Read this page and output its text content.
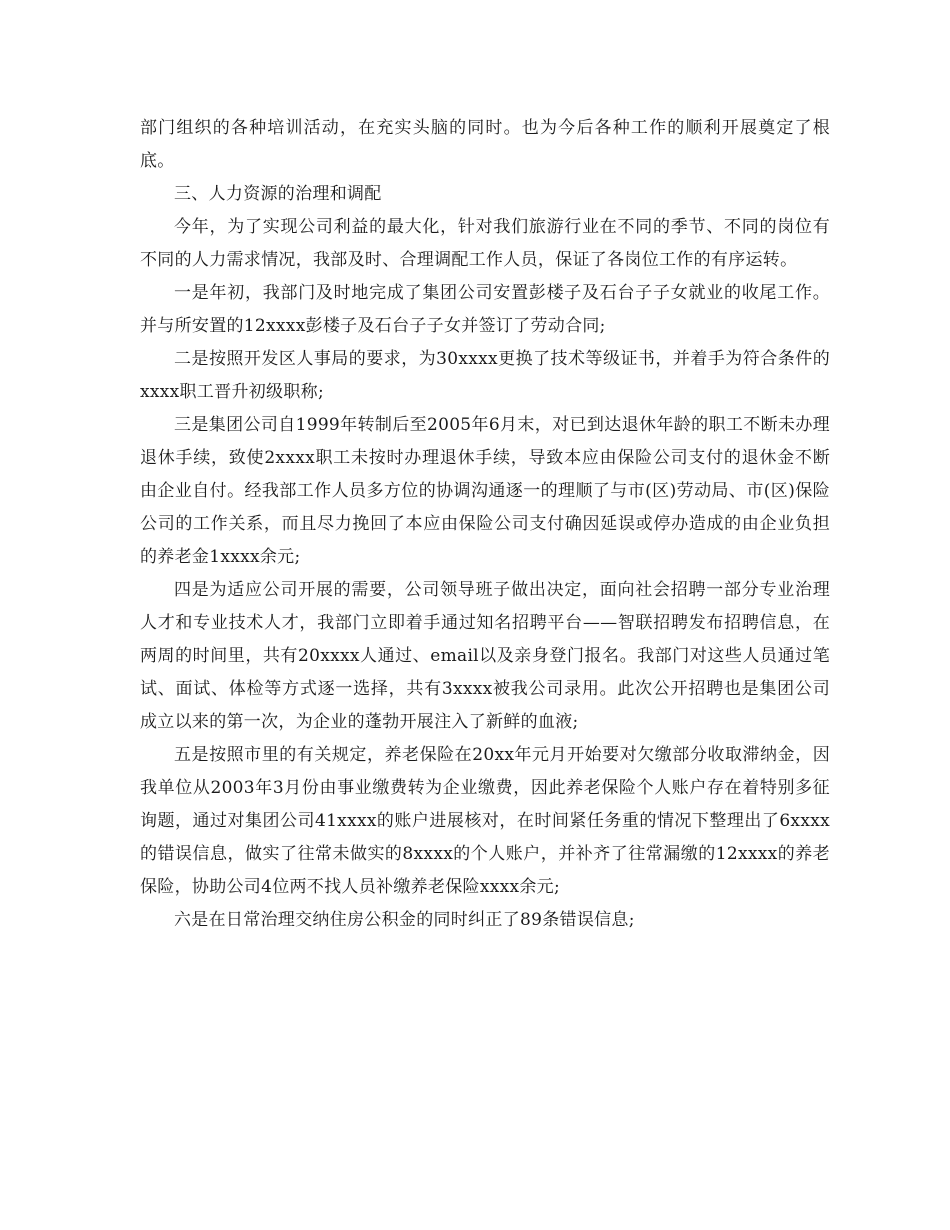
部门组织的各种培训活动，在充实头脑的同时。也为今后各种工作的顺利开展奠定了根底。

三、人力资源的治理和调配

今年，为了实现公司利益的最大化，针对我们旅游行业在不同的季节、不同的岗位有不同的人力需求情况，我部及时、合理调配工作人员，保证了各岗位工作的有序运转。

一是年初，我部门及时地完成了集团公司安置彭楼子及石台子子女就业的收尾工作。并与所安置的12xxxx彭楼子及石台子子女并签订了劳动合同;

二是按照开发区人事局的要求，为30xxxx更换了技术等级证书，并着手为符合条件的xxxx职工晋升初级职称;

三是集团公司自1999年转制后至2005年6月末，对已到达退休年龄的职工不断未办理退休手续，致使2xxxx职工未按时办理退休手续，导致本应由保险公司支付的退休金不断由企业自付。经我部工作人员多方位的协调沟通逐一的理顺了与市(区)劳动局、市(区)保险公司的工作关系，而且尽力挽回了本应由保险公司支付确因延误或停办造成的由企业负担的养老金1xxxx余元;

四是为适应公司开展的需要，公司领导班子做出决定，面向社会招聘一部分专业治理人才和专业技术人才，我部门立即着手通过知名招聘平台——智联招聘发布招聘信息，在两周的时间里，共有20xxxx人通过、email以及亲身登门报名。我部门对这些人员通过笔试、面试、体检等方式逐一选择，共有3xxxx被我公司录用。此次公开招聘也是集团公司成立以来的第一次，为企业的蓬勃开展注入了新鲜的血液;

五是按照市里的有关规定，养老保险在20xx年元月开始要对欠缴部分收取滞纳金，因我单位从2003年3月份由事业缴费转为企业缴费，因此养老保险个人账户存在着特别多征询题，通过对集团公司41xxxx的账户进展核对，在时间紧任务重的情况下整理出了6xxxx的错误信息，做实了往常未做实的8xxxx的个人账户，并补齐了往常漏缴的12xxxx的养老保险，协助公司4位两不找人员补缴养老保险xxxx余元;

六是在日常治理交纳住房公积金的同时纠正了89条错误信息;
